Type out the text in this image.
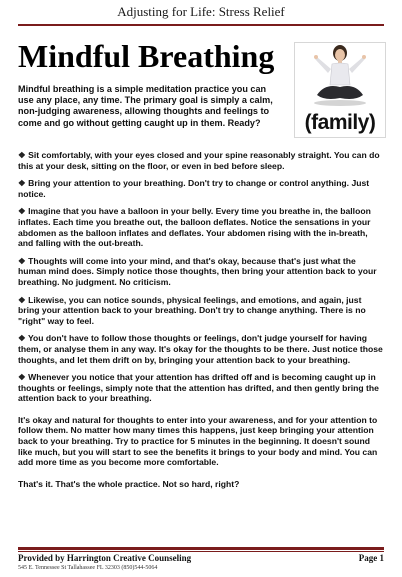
Adjusting for Life: Stress Relief
Mindful Breathing
Mindful breathing is a simple meditation practice you can use any place, any time. The primary goal is simply a calm, non-judging awareness, allowing thoughts and feelings to come and go without getting caught up in them. Ready?	(family)

❖ Sit comfortably, with your eyes closed and your spine reasonably straight. You can do this at your desk, sitting on the floor, or even in bed before sleep.

❖ Bring your attention to your breathing. Don't try to change or control anything. Just notice.

❖ Imagine that you have a balloon in your belly. Every time you breathe in, the balloon inflates. Each time you breathe out, the balloon deflates. Notice the sensations in your abdomen as the balloon inflates and deflates. Your abdomen rising with the in-breath, and falling with the out-breath.

❖ Thoughts will come into your mind, and that's okay, because that's just what the human mind does. Simply notice those thoughts, then bring your attention back to your breathing. No judgment. No criticism.

❖ Likewise, you can notice sounds, physical feelings, and emotions, and again, just bring your attention back to your breathing. Don't try to change anything. There is no "right" way to feel.

❖ You don't have to follow those thoughts or feelings, don't judge yourself for having them, or analyse them in any way. It's okay for the thoughts to be there. Just notice those thoughts, and let them drift on by, bringing your attention back to your breathing.

❖ Whenever you notice that your attention has drifted off and is becoming caught up in thoughts or feelings, simply note that the attention has drifted, and then gently bring the attention back to your breathing.

It's okay and natural for thoughts to enter into your awareness, and for your attention to follow them. No matter how many times this happens, just keep bringing your attention back to your breathing. Try to practice for 5 minutes in the beginning. It doesn't sound like much, but you will start to see the benefits it brings to your body and mind. You can add more time as you become more comfortable.

That's it. That's the whole practice. Not so hard, right?

Provided by Harrington Creative Counseling	Page 1
545 E. Tennessee St Tallahassee FL 32303 (850)544-5064
